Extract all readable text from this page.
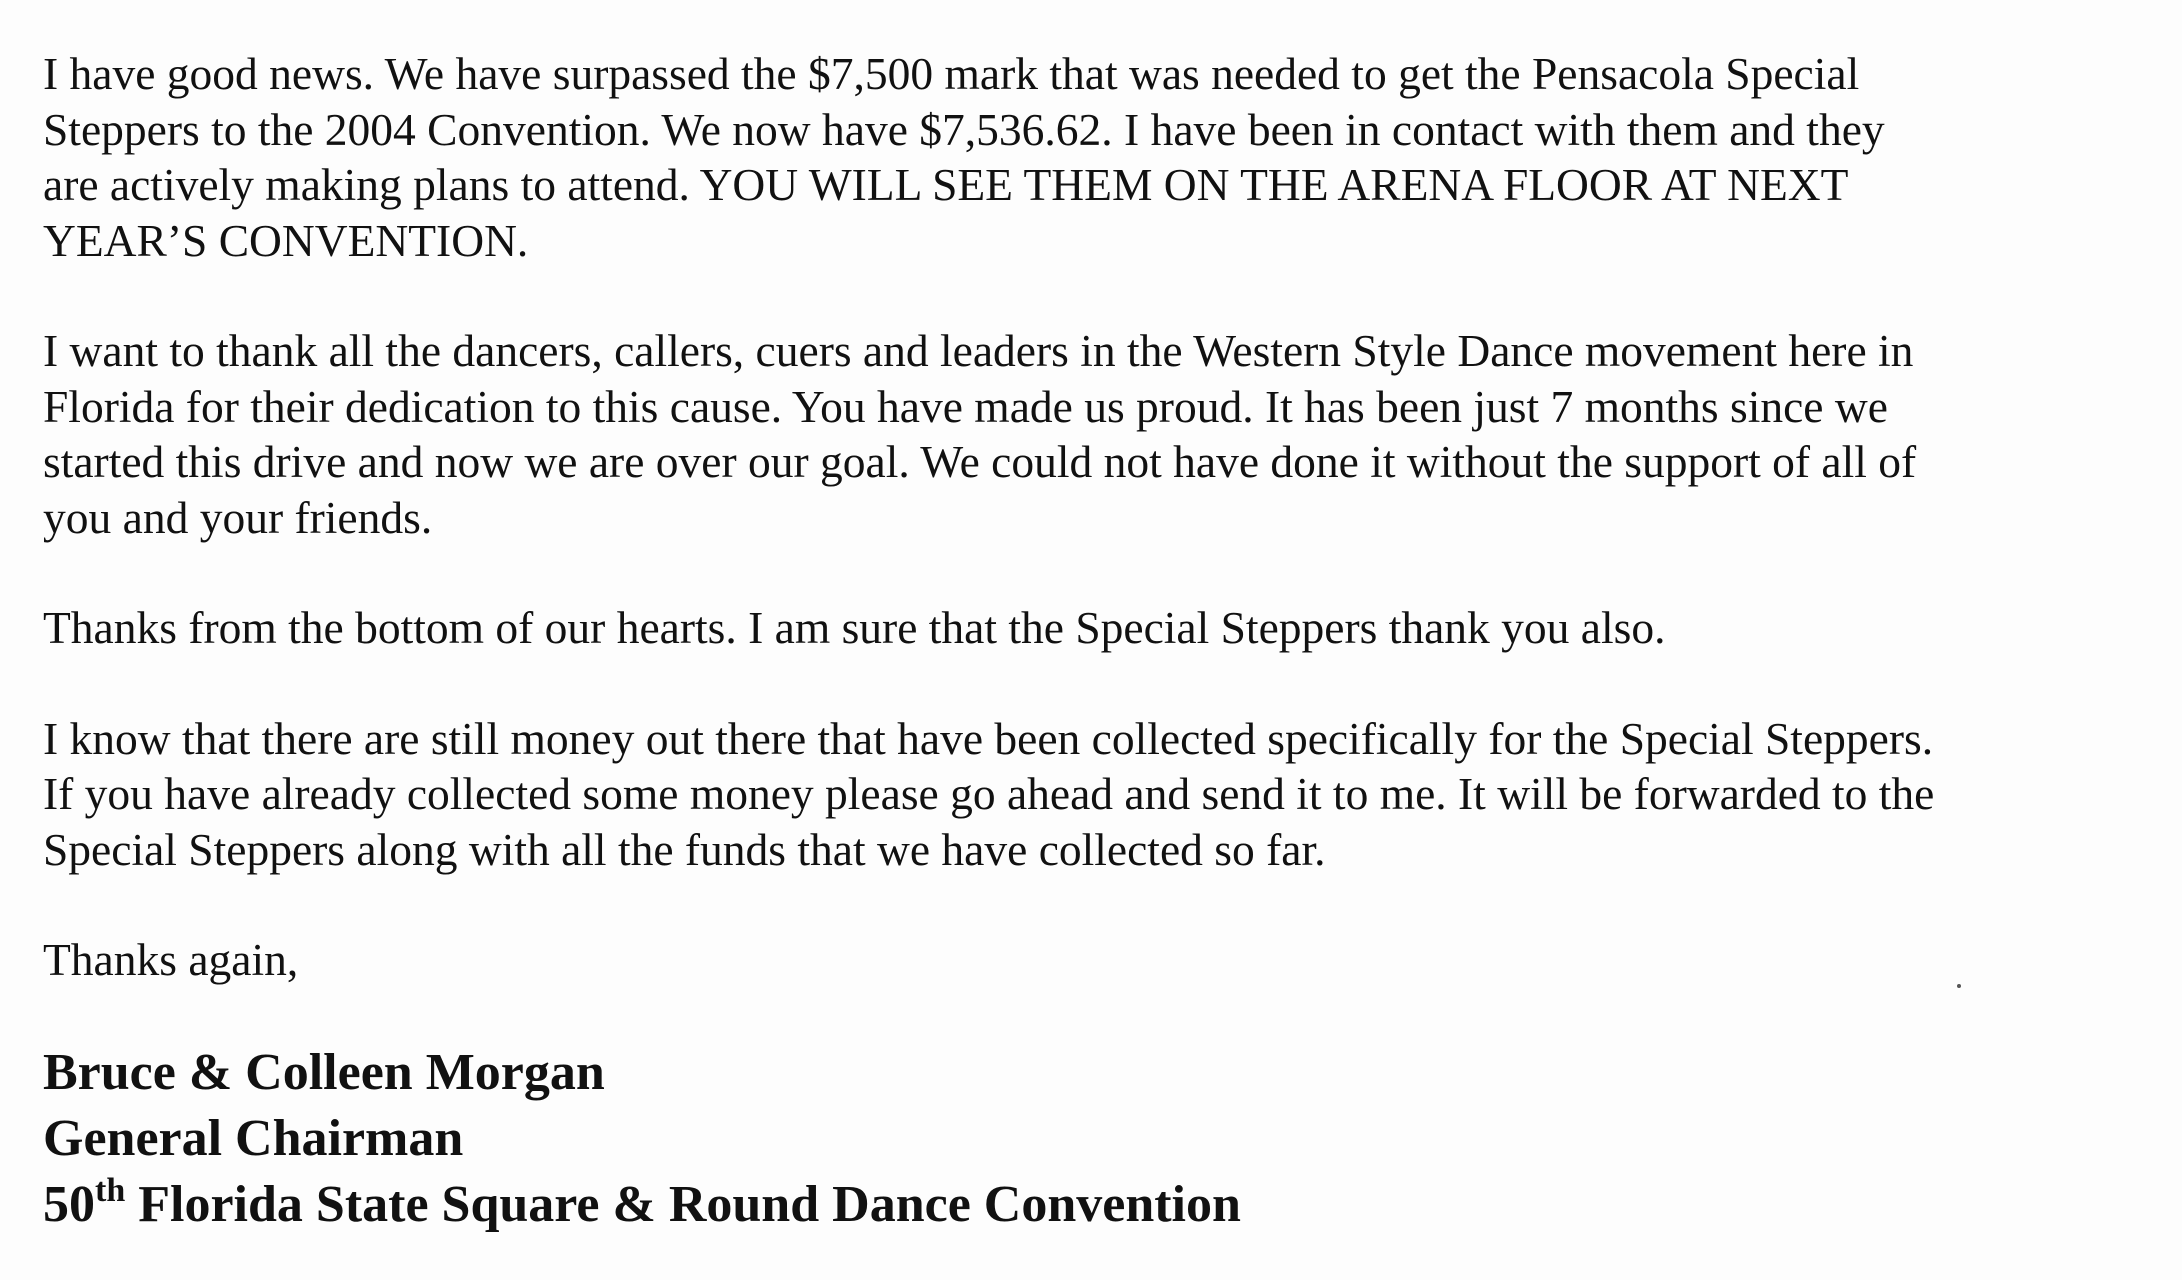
I have good news. We have surpassed the $7,500 mark that was needed to get the Pensacola Special
Steppers to the 2004 Convention. We now have $7,536.62. I have been in contact with them and they
are actively making plans to attend. YOU WILL SEE THEM ON THE ARENA FLOOR AT NEXT
YEAR’S CONVENTION.
I want to thank all the dancers, callers, cuers and leaders in the Western Style Dance movement here in
Florida for their dedication to this cause. You have made us proud. It has been just 7 months since we
started this drive and now we are over our goal. We could not have done it without the support of all of
you and your friends.
Thanks from the bottom of our hearts. I am sure that the Special Steppers thank you also.
I know that there are still money out there that have been collected specifically for the Special Steppers.
If you have already collected some money please go ahead and send it to me. It will be forwarded to the
Special Steppers along with all the funds that we have collected so far.
Thanks again,
Bruce & Colleen Morgan
General Chairman
50th Florida State Square & Round Dance Convention
